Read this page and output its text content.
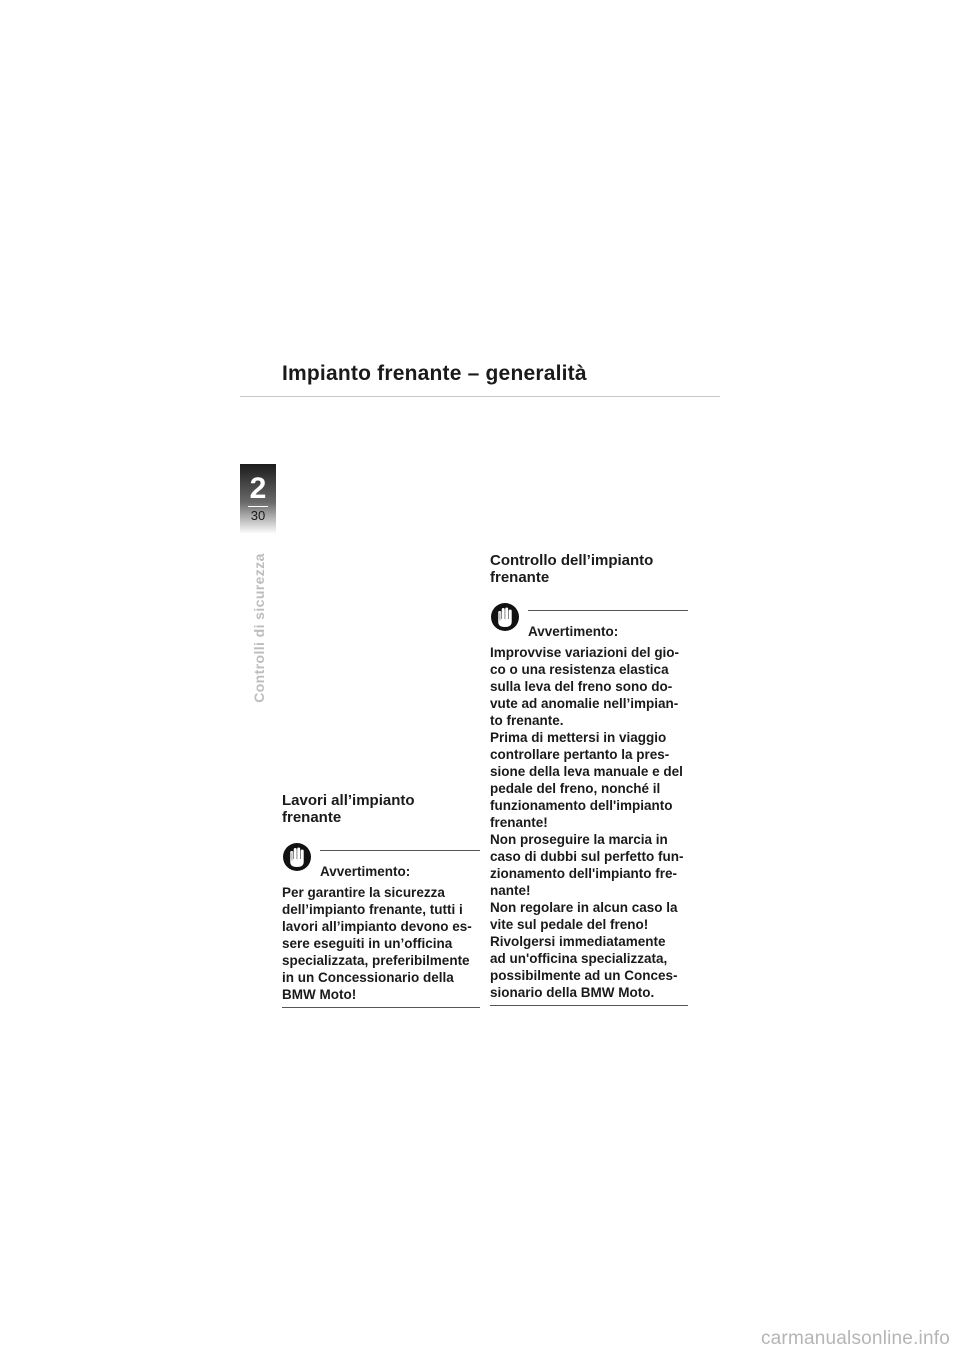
Impianto frenante – generalità
2
30
Controlli di sicurezza
Lavori all’impianto
frenante
Avvertimento:

Per garantire la sicurezza
dell’impianto frenante, tutti i
lavori all’impianto devono es-
sere eseguiti in un’officina
specializzata, preferibilmente
in un Concessionario della
BMW Moto!

Controllo dell’impianto
frenante
Avvertimento:

Improvvise variazioni del gio-
co o una resistenza elastica
sulla leva del freno sono do-
vute ad anomalie nell’impian-
to frenante.
Prima di mettersi in viaggio
controllare pertanto la pres-
sione della leva manuale e del
pedale del freno, nonché il
funzionamento dell'impianto
frenante!
Non proseguire la marcia in
caso di dubbi sul perfetto fun-
zionamento dell'impianto fre-
nante!
Non regolare in alcun caso la
vite sul pedale del freno!
Rivolgersi immediatamente
ad un'officina specializzata,
possibilmente ad un Conces-
sionario della BMW Moto.

carmanualsonline.info
